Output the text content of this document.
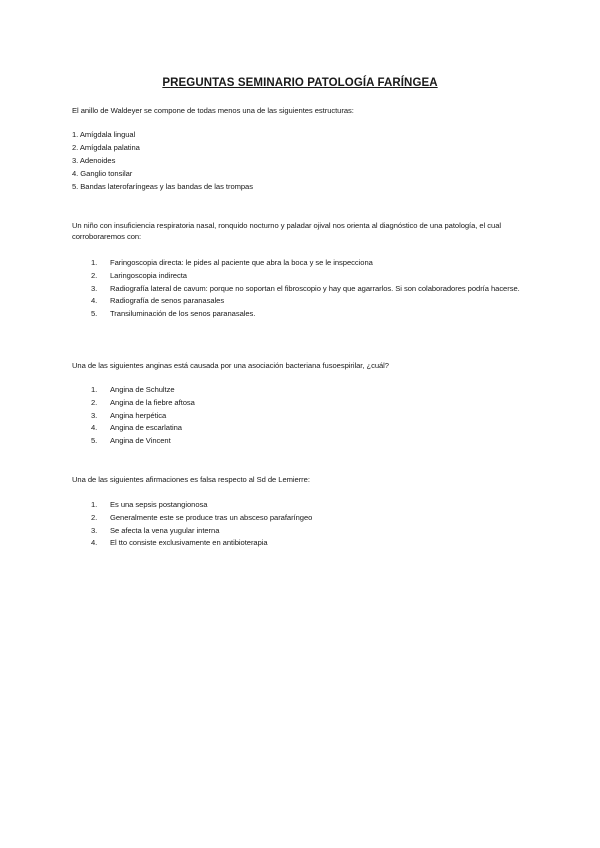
PREGUNTAS SEMINARIO PATOLOGÍA FARÍNGEA
El anillo de Waldeyer se compone de todas menos una de las siguientes estructuras:
1. Amígdala lingual
2. Amígdala palatina
3. Adenoides
4. Ganglio tonsilar
5. Bandas laterofaríngeas y las bandas de las trompas
Un niño con insuficiencia respiratoria nasal, ronquido nocturno y paladar ojival nos orienta al diagnóstico de una patología, el cual corroboraremos con:
1. Faringoscopia directa: le pides al paciente que abra la boca y se le inspecciona
2. Laringoscopia indirecta
3. Radiografía lateral de cavum: porque no soportan el fibroscopio y hay que agarrarlos. Si son colaboradores podría hacerse.
4. Radiografía de senos paranasales
5. Transiluminación de los senos paranasales.
Una de las siguientes anginas está causada por una asociación bacteriana fusoespirilar, ¿cuál?
1. Angina de Schultze
2. Angina de la fiebre aftosa
3. Angina herpética
4. Angina de escarlatina
5. Angina de Vincent
Una de las siguientes afirmaciones es falsa respecto al Sd de Lemierre:
1. Es una sepsis postangionosa
2. Generalmente este se produce tras un absceso parafaríngeo
3. Se afecta la vena yugular interna
4. El tto consiste exclusivamente en antibioterapia
